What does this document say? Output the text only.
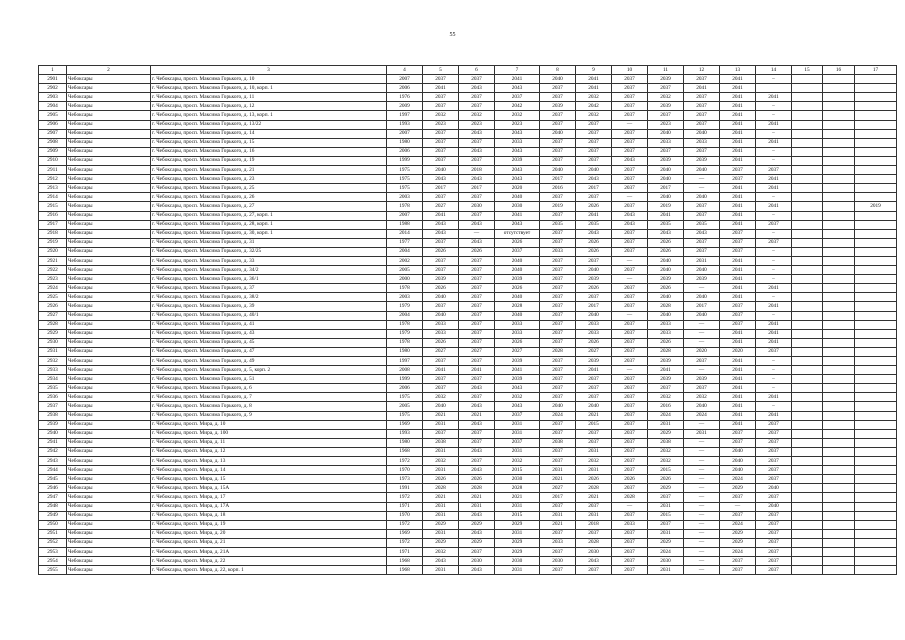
55
1	2	3	4	5	6	7	8	9	10	11	12	13	14	15	16	17
2901	Чебоксары	г. Чебоксары, просп. Максима Горького, д. 10	2007	2037	2037	2041	2040	2041	2037	2039	2037	2041	–			
2902	Чебоксары	г. Чебоксары, просп. Максима Горького, д. 10, корп. 1	2006	2041	2043	2043	2037	2041	2037	2037	2041	2041				
2903	Чебоксары	г. Чебоксары, просп. Максима Горького, д. 11	1976	2037	2037	2037	2037	2032	2037	2032	2037	2041	2041			
2904	Чебоксары	г. Чебоксары, просп. Максима Горького, д. 12	2009	2037	2037	2042	2039	2042	2037	2039	2037	2041	–			
2905	Чебоксары	г. Чебоксары, просп. Максима Горького, д. 13, корп. 1	1997	2032	2032	2032	2037	2032	2037	2037	2037	2041	–			
2906	Чебоксары	г. Чебоксары, просп. Максима Горького, д. 13/22	1993	2023	2023	2023	2037	2037	—	2023	2037	2041	2041			
2907	Чебоксары	г. Чебоксары, просп. Максима Горького, д. 14	2007	2037	2043	2043	2040	2037	2037	2040	2040	2041	–			
2908	Чебоксары	г. Чебоксары, просп. Максима Горького, д. 15	1980	2037	2037	2033	2037	2037	2037	2033	2033	2041	2041			
2909	Чебоксары	г. Чебоксары, просп. Максима Горького, д. 16	2006	2037	2043	2043	2037	2037	2037	2037	2037	2041	–			
2910	Чебоксары	г. Чебоксары, просп. Максима Горького, д. 19	1999	2037	2037	2039	2037	2037	2043	2039	2039	2041	–			
2911	Чебоксары	г. Чебоксары, просп. Максима Горького, д. 21	1975	2040	2018	2043	2040	2040	2037	2040	2040	2037	2037			
2912	Чебоксары	г. Чебоксары, просп. Максима Горького, д. 23	1975	2043	2043	2043	2017	2043	2037	2040	—	2037	2041			
2913	Чебоксары	г. Чебоксары, просп. Максима Горького, д. 25	1975	2017	2017	2020	2016	2017	2037	2017	—	2041	2041			
2914	Чебоксары	г. Чебоксары, просп. Максима Горького, д. 26	2003	2037	2037	2040	2037	2037	—	2040	2040	2041	–			
2915	Чебоксары	г. Чебоксары, просп. Максима Горького, д. 27	1978	2027	2030	2030	2019	2026	2037	2019	2037	2041	2041			2019
2916	Чебоксары	г. Чебоксары, просп. Максима Горького, д. 27, корп. 1	2007	2041	2037	2041	2037	2041	2043	2041	2037	2041	–			
2917	Чебоксары	г. Чебоксары, просп. Максима Горького, д. 28, корп. 1	1988	2043	2043	2043	2035	2035	2043	2035	2035	2041	2037			
2918	Чебоксары	г. Чебоксары, просп. Максима Горького, д. 30, корп. 1	2014	2043	—	отсутствует	2037	2043	2037	2043	2043	2037	–			
2919	Чебоксары	г. Чебоксары, просп. Максима Горького, д. 31	1977	2037	2043	2026	2037	2026	2037	2026	2037	2037	2037			
2920	Чебоксары	г. Чебоксары, просп. Максима Горького, д. 32/25	2004	2026	2026	2037	2033	2026	2037	2026	2037	2037	–			
2921	Чебоксары	г. Чебоксары, просп. Максима Горького, д. 33	2002	2037	2037	2040	2037	2037	—	2040	2031	2041	–			
2922	Чебоксары	г. Чебоксары, просп. Максима Горького, д. 34/2	2005	2037	2037	2040	2037	2040	2037	2040	2040	2041	–			
2923	Чебоксары	г. Чебоксары, просп. Максима Горького, д. 36/1	2000	2039	2037	2039	2037	2039	—	2039	2039	2041	–			
2924	Чебоксары	г. Чебоксары, просп. Максима Горького, д. 37	1978	2026	2037	2026	2037	2026	2037	2026	—	2041	2041			
2925	Чебоксары	г. Чебоксары, просп. Максима Горького, д. 38/2	2003	2040	2037	2040	2037	2037	2037	2040	2040	2041	–			
2926	Чебоксары	г. Чебоксары, просп. Максима Горького, д. 39	1979	2037	2037	2028	2037	2017	2037	2028	2017	2037	2041			
2927	Чебоксары	г. Чебоксары, просп. Максима Горького, д. 40/1	2004	2040	2037	2040	2037	2040	—	2040	2040	2037	–			
2928	Чебоксары	г. Чебоксары, просп. Максима Горького, д. 41	1978	2033	2037	2033	2037	2033	2037	2033	—	2037	2041			
2929	Чебоксары	г. Чебоксары, просп. Максима Горького, д. 43	1979	2033	2037	2033	2037	2033	2037	2033	—	2041	2041			
2930	Чебоксары	г. Чебоксары, просп. Максима Горького, д. 45	1978	2026	2037	2026	2037	2026	2037	2026	—	2041	2041			
2931	Чебоксары	г. Чебоксары, просп. Максима Горького, д. 47	1980	2027	2027	2027	2028	2027	2037	2028	2020	2020	2037			
2932	Чебоксары	г. Чебоксары, просп. Максима Горького, д. 49	1997	2037	2037	2039	2037	2039	2037	2039	2037	2041	–			
2933	Чебоксары	г. Чебоксары, просп. Максима Горького, д. 5, корп. 2	2008	2041	2041	2041	2037	2041	—	2041	—	2041	–			
2934	Чебоксары	г. Чебоксары, просп. Максима Горького, д. 51	1999	2037	2037	2039	2037	2037	2037	2039	2039	2041	–			
2935	Чебоксары	г. Чебоксары, просп. Максима Горького, д. 6	2006	2037	2043	2043	2037	2037	2037	2037	2037	2041	–			
2936	Чебоксары	г. Чебоксары, просп. Максима Горького, д. 7	1975	2032	2037	2032	2037	2037	2037	2032	2032	2041	2041			
2937	Чебоксары	г. Чебоксары, просп. Максима Горького, д. 8	2005	2040	2043	2043	2040	2040	2037	2016	2040	2041	–			
2938	Чебоксары	г. Чебоксары, просп. Максима Горького, д. 9	1975	2021	2021	2037	2024	2021	2037	2024	2024	2041	2041			
2939	Чебоксары	г. Чебоксары, просп. Мира, д. 10	1969	2031	2043	2031	2037	2015	2037	2031	—	2041	2037			
2940	Чебоксары	г. Чебоксары, просп. Мира, д. 100	1993	2037	2037	2031	2037	2037	2037	2029	2031	2037	2037			
2941	Чебоксары	г. Чебоксары, просп. Мира, д. 11	1980	2038	2037	2037	2038	2037	2037	2038	—	2037	2037			
2942	Чебоксары	г. Чебоксары, просп. Мира, д. 12	1968	2031	2043	2031	2037	2031	2037	2032	—	2040	2037			
2943	Чебоксары	г. Чебоксары, просп. Мира, д. 13	1972	2032	2037	2032	2037	2032	2037	2032	—	2040	2037			
2944	Чебоксары	г. Чебоксары, просп. Мира, д. 14	1970	2031	2043	2015	2031	2031	2037	2015	—	2040	2037			
2945	Чебоксары	г. Чебоксары, просп. Мира, д. 15	1973	2026	2026	2030	2021	2026	2026	2026	—	2024	2037			
2946	Чебоксары	г. Чебоксары, просп. Мира, д. 15А	1991	2028	2028	2028	2027	2028	2037	2029	—	2029	2040			
2947	Чебоксары	г. Чебоксары, просп. Мира, д. 17	1972	2021	2021	2021	2017	2021	2028	2037	—	2037	2037			
2948	Чебоксары	г. Чебоксары, просп. Мира, д. 17А	1971	2031	2031	2031	2037	2037	—	2031	—	—	2040			
2949	Чебоксары	г. Чебоксары, просп. Мира, д. 18	1970	2031	2043	2015	2031	2031	2037	2015	—	2037	2037			
2950	Чебоксары	г. Чебоксары, просп. Мира, д. 19	1972	2029	2029	2029	2021	2018	2033	2037	—	2024	2037			
2951	Чебоксары	г. Чебоксары, просп. Мира, д. 20	1969	2031	2043	2031	2037	2037	2037	2031	—	2029	2037			
2952	Чебоксары	г. Чебоксары, просп. Мира, д. 21	1972	2029	2029	2029	2033	2028	2037	2029	—	2029	2037			
2953	Чебоксары	г. Чебоксары, просп. Мира, д. 21А	1971	2032	2037	2029	2037	2030	2037	2024	—	2024	2037			
2954	Чебоксары	г. Чебоксары, просп. Мира, д. 22	1968	2043	2030	2030	2030	2043	2037	2030	—	2037	2037			
2955	Чебоксары	г. Чебоксары, просп. Мира, д. 22, корп. 1	1968	2031	2043	2031	2037	2037	2037	2031	—	2037	2037			
